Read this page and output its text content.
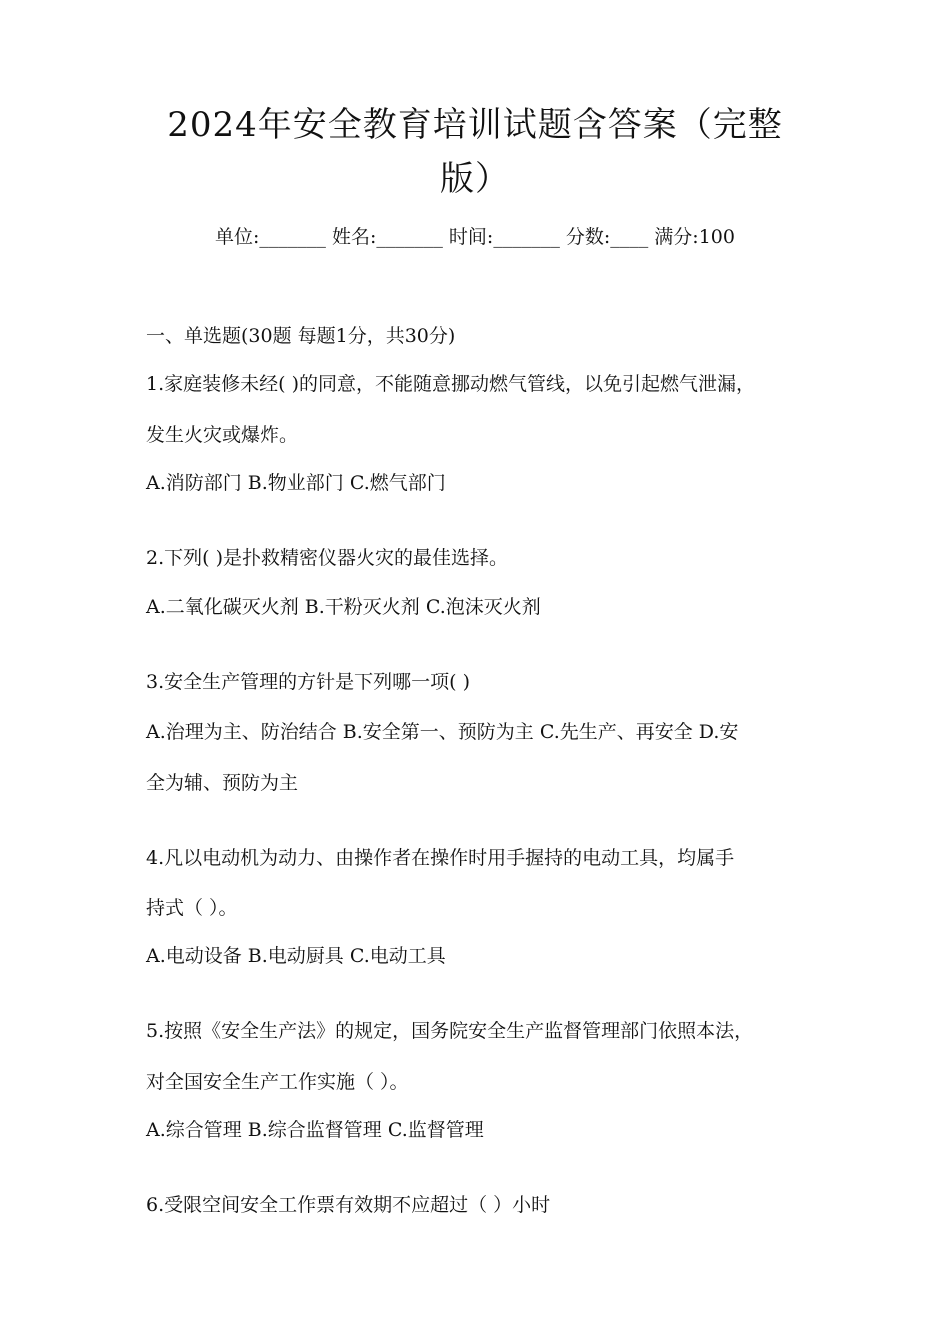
2024年安全教育培训试题含答案（完整
版）
单位:_______ 姓名:_______ 时间:_______ 分数:____ 满分:100
一、单选题(30题 每题1分，共30分)
1.家庭装修未经( )的同意，不能随意挪动燃气管线，以免引起燃气泄漏，
发生火灾或爆炸。
A.消防部门 B.物业部门 C.燃气部门
2.下列( )是扑救精密仪器火灾的最佳选择。
A.二氧化碳灭火剂 B.干粉灭火剂 C.泡沫灭火剂
3.安全生产管理的方针是下列哪一项( )
A.治理为主、防治结合 B.安全第一、预防为主 C.先生产、再安全 D.安
全为辅、预防为主
4.凡以电动机为动力、由操作者在操作时用手握持的电动工具，均属手
持式（ ）。
A.电动设备 B.电动厨具 C.电动工具
5.按照《安全生产法》的规定，国务院安全生产监督管理部门依照本法，
对全国安全生产工作实施（ ）。
A.综合管理 B.综合监督管理 C.监督管理
6.受限空间安全工作票有效期不应超过（ ）小时
